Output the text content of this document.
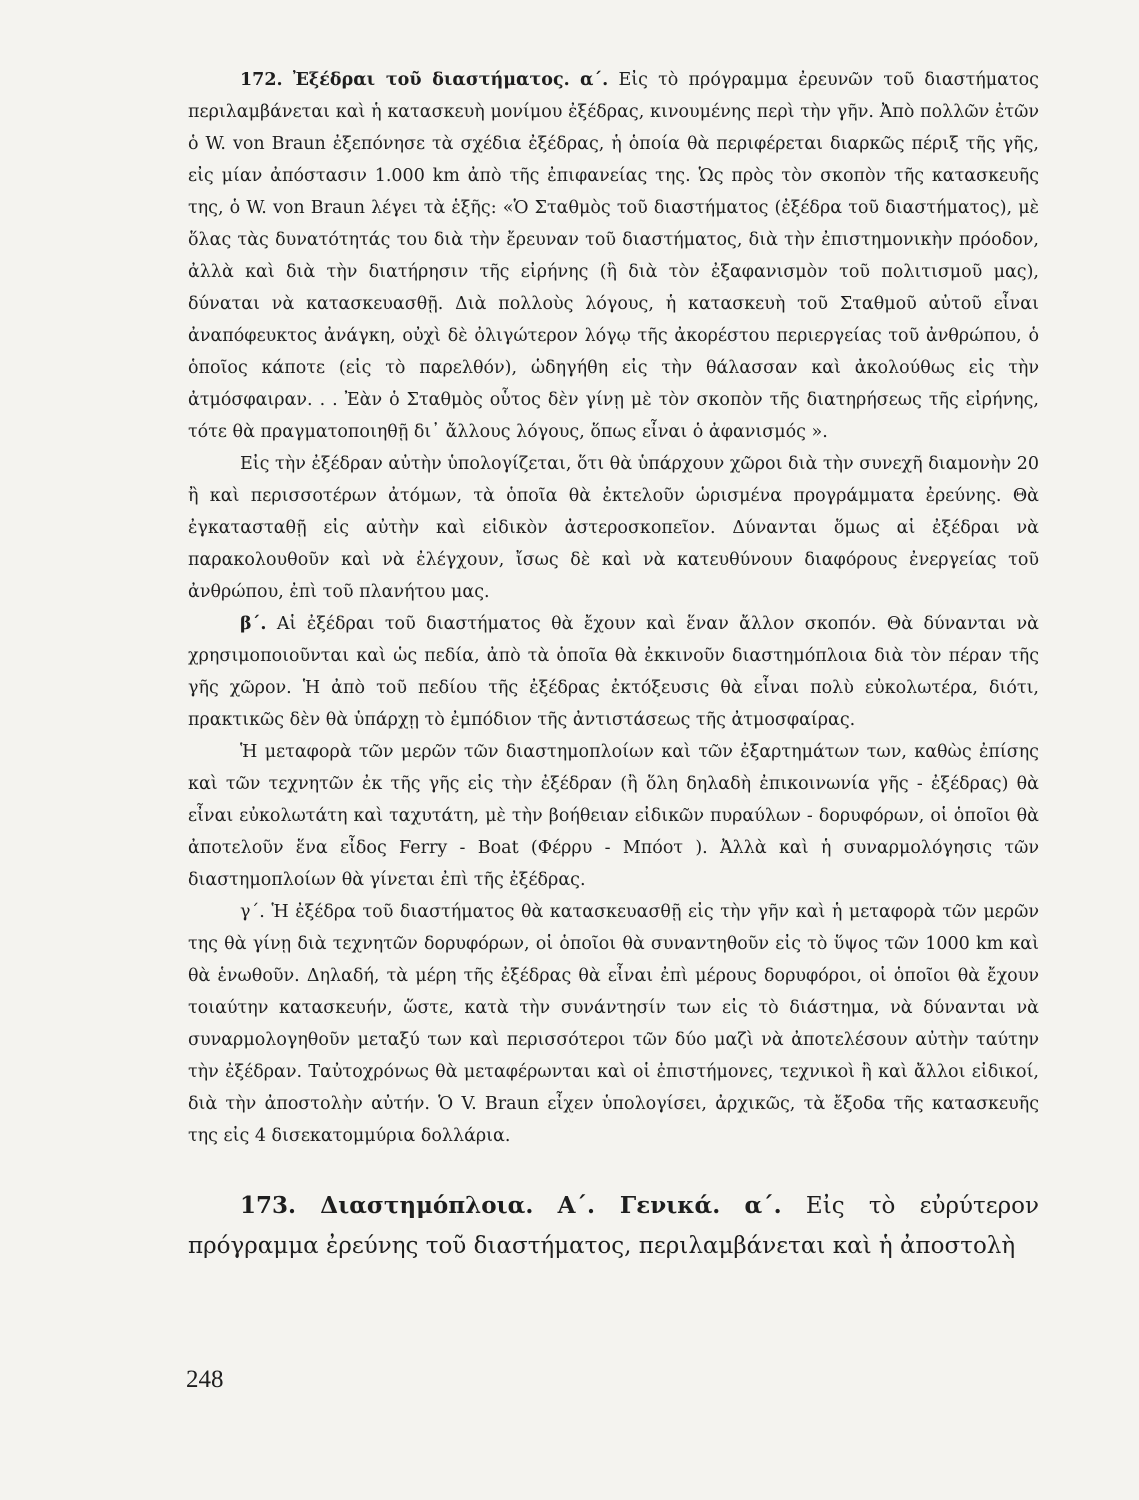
172. Ἐξέδραι τοῦ διαστήματος. α΄. Εἰς τὸ πρόγραμμα ἐρευνῶν τοῦ διαστήματος περιλαμβάνεται καὶ ἡ κατασκευὴ μονίμου ἐξέδρας, κινουμένης περὶ τὴν γῆν. Ἀπὸ πολλῶν ἐτῶν ὁ W. von Braun ἐξεπόνησε τὰ σχέδια ἐξέδρας, ἡ ὁποία θὰ περιφέρεται διαρκῶς πέριξ τῆς γῆς, εἰς μίαν ἀπόστασιν 1.000 km ἀπὸ τῆς ἐπιφανείας της. Ὡς πρὸς τὸν σκοπὸν τῆς κατασκευῆς της, ὁ W. von Braun λέγει τὰ ἑξῆς: «Ὁ Σταθμὸς τοῦ διαστήματος (ἐξέδρα τοῦ διαστήματος), μὲ ὅλας τὰς δυνατότητάς του διὰ τὴν ἔρευναν τοῦ διαστήματος, διὰ τὴν ἐπιστημονικὴν πρόοδον, ἀλλὰ καὶ διὰ τὴν διατήρησιν τῆς εἰρήνης (ἢ διὰ τὸν ἐξαφανισμὸν τοῦ πολιτισμοῦ μας), δύναται νὰ κατασκευασθῇ. Διὰ πολλοὺς λόγους, ἡ κατασκευὴ τοῦ Σταθμοῦ αὐτοῦ εἶναι ἀναπόφευκτος ἀνάγκη, οὐχὶ δὲ ὀλιγώτερον λόγῳ τῆς ἀκορέστου περιεργείας τοῦ ἀνθρώπου, ὁ ὁποῖος κάποτε (εἰς τὸ παρελθόν), ὡδηγήθη εἰς τὴν θάλασσαν καὶ ἀκολούθως εἰς τὴν ἀτμόσφαιραν. . . Ἐὰν ὁ Σταθμὸς οὗτος δὲν γίνῃ μὲ τὸν σκοπὸν τῆς διατηρήσεως τῆς εἰρήνης, τότε θὰ πραγματοποιηθῇ δι᾽ ἄλλους λόγους, ὅπως εἶναι ὁ ἀφανισμός ».

Εἰς τὴν ἐξέδραν αὐτὴν ὑπολογίζεται, ὅτι θὰ ὑπάρχουν χῶροι διὰ τὴν συνεχῆ διαμονὴν 20 ἢ καὶ περισσοτέρων ἀτόμων, τὰ ὁποῖα θὰ ἐκτελοῦν ὡρισμένα προγράμματα ἐρεύνης. Θὰ ἐγκατασταθῇ εἰς αὐτὴν καὶ εἰδικὸν ἀστεροσκοπεῖον. Δύνανται ὅμως αἱ ἐξέδραι νὰ παρακολουθοῦν καὶ νὰ ἐλέγχουν, ἴσως δὲ καὶ νὰ κατευθύνουν διαφόρους ἐνεργείας τοῦ ἀνθρώπου, ἐπὶ τοῦ πλανήτου μας.

β΄. Αἱ ἐξέδραι τοῦ διαστήματος θὰ ἔχουν καὶ ἕναν ἄλλον σκοπόν. Θὰ δύνανται νὰ χρησιμοποιοῦνται καὶ ὡς πεδία, ἀπὸ τὰ ὁποῖα θὰ ἐκκινοῦν διαστημόπλοια διὰ τὸν πέραν τῆς γῆς χῶρον. Ἡ ἀπὸ τοῦ πεδίου τῆς ἐξέδρας ἐκτόξευσις θὰ εἶναι πολὺ εὐκολωτέρα, διότι, πρακτικῶς δὲν θὰ ὑπάρχῃ τὸ ἐμπόδιον τῆς ἀντιστάσεως τῆς ἀτμοσφαίρας.

Ἡ μεταφορὰ τῶν μερῶν τῶν διαστημοπλοίων καὶ τῶν ἐξαρτημάτων των, καθὼς ἐπίσης καὶ τῶν τεχνητῶν ἐκ τῆς γῆς εἰς τὴν ἐξέδραν (ἢ ὅλη δηλαδὴ ἐπικοινωνία γῆς - ἐξέδρας) θὰ εἶναι εὐκολωτάτη καὶ ταχυτάτη, μὲ τὴν βοήθειαν εἰδικῶν πυραύλων - δορυφόρων, οἱ ὁποῖοι θὰ ἀποτελοῦν ἕνα εἶδος Ferry - Boat (Φέρρυ - Μπόοτ ). Ἀλλὰ καὶ ἡ συναρμολόγησις τῶν διαστημοπλοίων θὰ γίνεται ἐπὶ τῆς ἐξέδρας.

γ΄. Ἡ ἐξέδρα τοῦ διαστήματος θὰ κατασκευασθῇ εἰς τὴν γῆν καὶ ἡ μεταφορὰ τῶν μερῶν της θὰ γίνῃ διὰ τεχνητῶν δορυφόρων, οἱ ὁποῖοι θὰ συναντηθοῦν εἰς τὸ ὕψος τῶν 1000 km καὶ θὰ ἑνωθοῦν. Δηλαδή, τὰ μέρη τῆς ἐξέδρας θὰ εἶναι ἐπὶ μέρους δορυφόροι, οἱ ὁποῖοι θὰ ἔχουν τοιαύτην κατασκευήν, ὥστε, κατὰ τὴν συνάντησίν των εἰς τὸ διάστημα, νὰ δύνανται νὰ συναρμολογηθοῦν μεταξύ των καὶ περισσότεροι τῶν δύο μαζὶ νὰ ἀποτελέσουν αὐτὴν ταύτην τὴν ἐξέδραν. Ταὐτοχρόνως θὰ μεταφέρωνται καὶ οἱ ἐπιστήμονες, τεχνικοὶ ἢ καὶ ἄλλοι εἰδικοί, διὰ τὴν ἀποστολὴν αὐτήν. Ὁ V. Braun εἶχεν ὑπολογίσει, ἀρχικῶς, τὰ ἔξοδα τῆς κατασκευῆς της εἰς 4 δισεκατομμύρια δολλάρια.

173. Διαστημόπλοια. Α΄. Γενικά. α΄. Εἰς τὸ εὐρύτερον πρόγραμμα ἐρεύνης τοῦ διαστήματος, περιλαμβάνεται καὶ ἡ ἀποστολὴ

248
